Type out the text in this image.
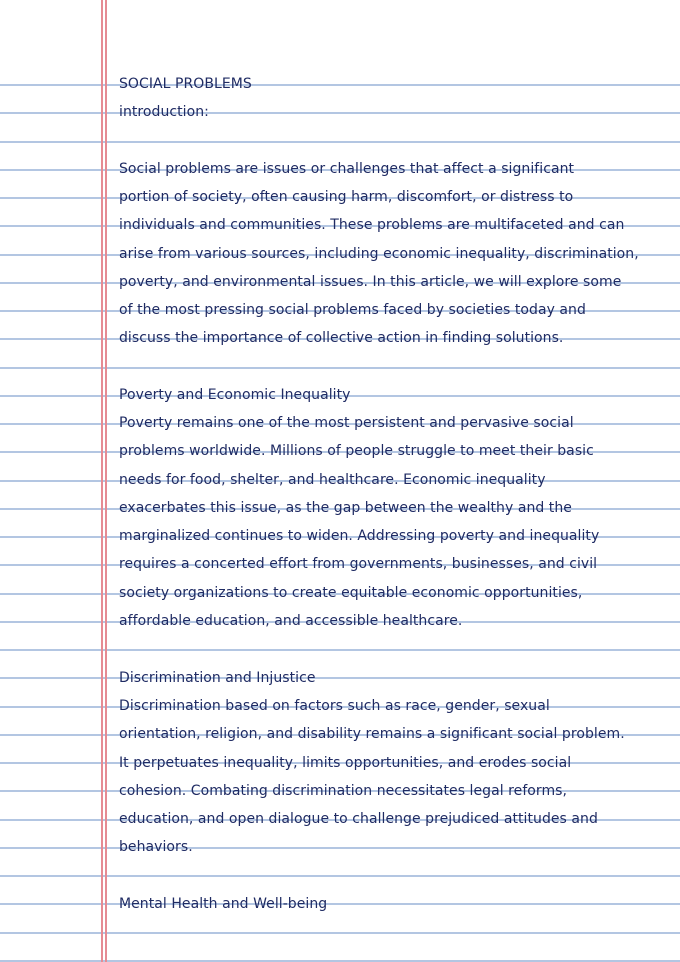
SOCIAL PROBLEMS
introduction:
Social problems are issues or challenges that affect a significant
portion of society, often causing harm, discomfort, or distress to
individuals and communities. These problems are multifaceted and can
arise from various sources, including economic inequality, discrimination,
poverty, and environmental issues. In this article, we will explore some
of the most pressing social problems faced by societies today and
discuss the importance of collective action in finding solutions.
Poverty and Economic Inequality
Poverty remains one of the most persistent and pervasive social
problems worldwide. Millions of people struggle to meet their basic
needs for food, shelter, and healthcare. Economic inequality
exacerbates this issue, as the gap between the wealthy and the
marginalized continues to widen. Addressing poverty and inequality
requires a concerted effort from governments, businesses, and civil
society organizations to create equitable economic opportunities,
affordable education, and accessible healthcare.
Discrimination and Injustice
Discrimination based on factors such as race, gender, sexual
orientation, religion, and disability remains a significant social problem.
It perpetuates inequality, limits opportunities, and erodes social
cohesion. Combating discrimination necessitates legal reforms,
education, and open dialogue to challenge prejudiced attitudes and
behaviors.
Mental Health and Well-being
